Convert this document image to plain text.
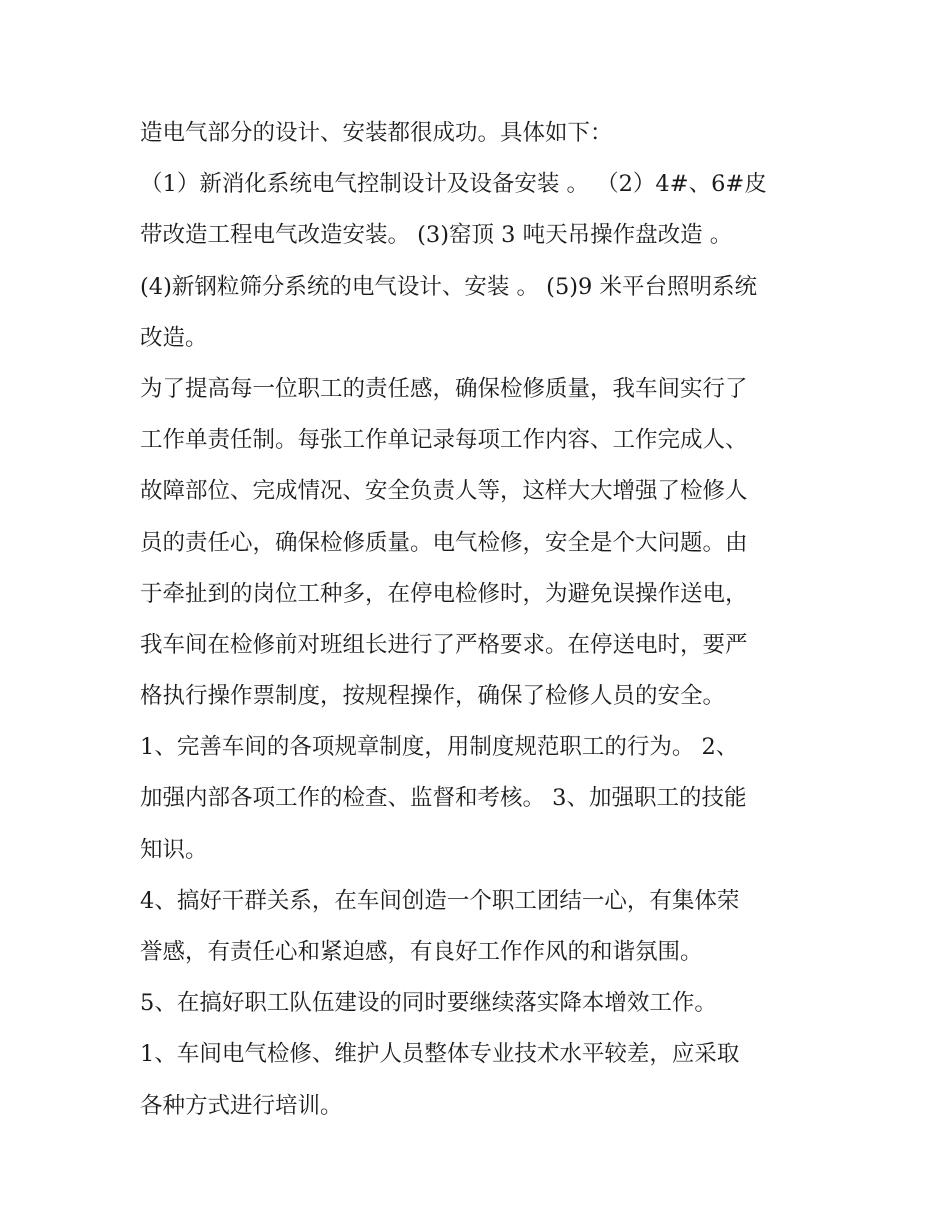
造电气部分的设计、安装都很成功。具体如下：
（1）新消化系统电气控制设计及设备安装 。 （2）4#、6#皮
带改造工程电气改造安装。 (3)窑顶 3 吨天吊操作盘改造 。
(4)新钢粒筛分系统的电气设计、安装 。 (5)9 米平台照明系统
改造。
为了提高每一位职工的责任感，确保检修质量，我车间实行了
工作单责任制。每张工作单记录每项工作内容、工作完成人、
故障部位、完成情况、安全负责人等，这样大大增强了检修人
员的责任心，确保检修质量。电气检修，安全是个大问题。由
于牵扯到的岗位工种多，在停电检修时，为避免误操作送电，
我车间在检修前对班组长进行了严格要求。在停送电时，要严
格执行操作票制度，按规程操作，确保了检修人员的安全。
1、完善车间的各项规章制度，用制度规范职工的行为。 2、
加强内部各项工作的检查、监督和考核。 3、加强职工的技能
知识。
4、搞好干群关系，在车间创造一个职工团结一心，有集体荣
誉感，有责任心和紧迫感，有良好工作作风的和谐氛围。
5、在搞好职工队伍建设的同时要继续落实降本增效工作。
1、车间电气检修、维护人员整体专业技术水平较差，应采取
各种方式进行培训。
